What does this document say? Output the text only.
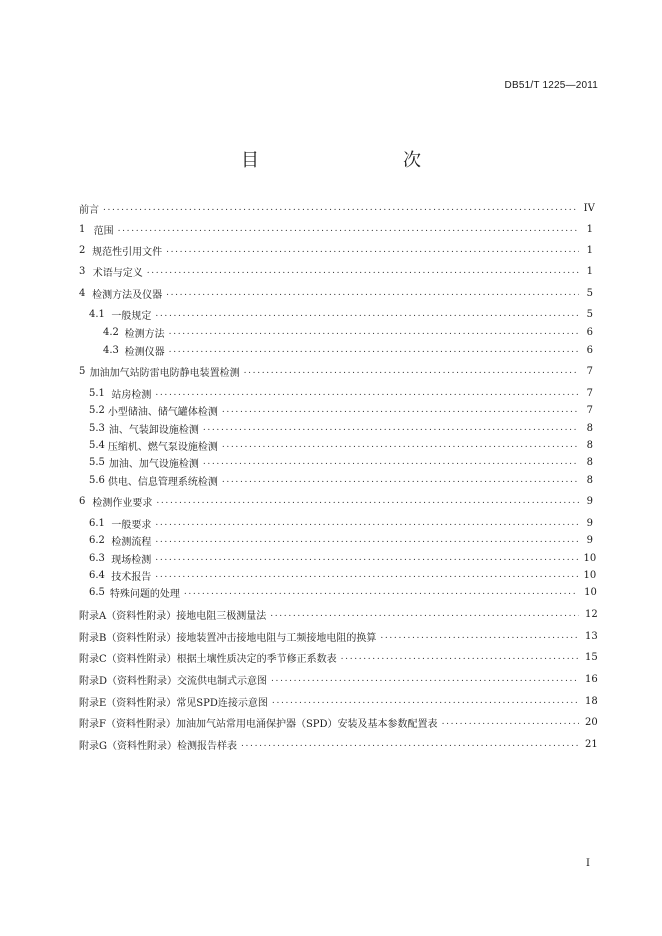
DB51/T 1225—2011
目　　次
前言 . . .	IV
1 范围 . . .	1
2 规范性引用文件 . . .	1
3 术语与定义 . . .	1
4 检测方法及仪器 . . .	5
4.1 一般规定 . . .	5
4.2 检测方法 . . .	6
4.3 检测仪器 . . .	6
5 加油加气站防雷电防静电装置检测 . . .	7
5.1 站房检测 . . .	7
5.2 小型储油、储气罐体检测 . . .	7
5.3 油、气装卸设施检测 . . .	8
5.4 压缩机、燃气泵设施检测 . . .	8
5.5 加油、加气设施检测 . . .	8
5.6 供电、信息管理系统检测 . . .	8
6 检测作业要求 . . .	9
6.1 一般要求 . . .	9
6.2 检测流程 . . .	9
6.3 现场检测 . . .	10
6.4 技术报告 . . .	10
6.5 特殊问题的处理 . . .	10
附录A（资料性附录） 接地电阻三极测量法 . . .	12
附录B（资料性附录） 接地装置冲击接地电阻与工频接地电阻的换算 . . .	13
附录C（资料性附录） 根据土壤性质决定的季节修正系数表 . . .	15
附录D（资料性附录） 交流供电制式示意图 . . .	16
附录E（资料性附录） 常见SPD连接示意图 . . .	18
附录F（资料性附录） 加油加气站常用电涌保护器（SPD）安装及基本参数配置表 . . .	20
附录G（资料性附录） 检测报告样表 . . .	21
I
